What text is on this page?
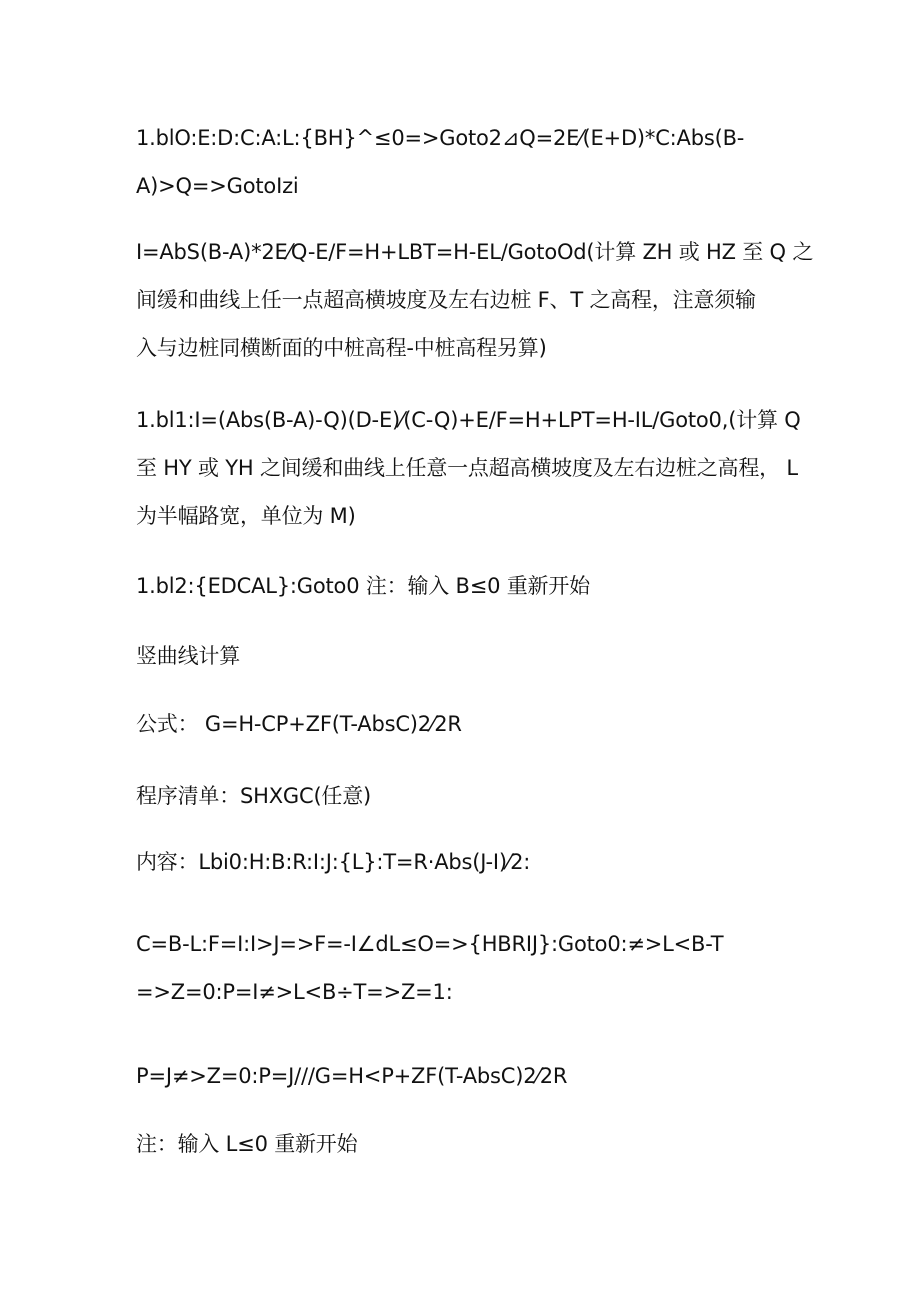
1.blO:E:D:C:A:L:{BH}^≤0=>Goto2⊿Q=2E⁄(E+D)*C:Abs(B-
A)>Q=>GotoIzi

I=AbS(B-A)*2E⁄Q-E/F=H+LBT=H-EL/GotoOd(计算 ZH 或 HZ 至 Q 之
间缓和曲线上任一点超高横坡度及左右边桩 F、T 之高程，注意须输
入与边桩同横断面的中桩高程-中桩高程另算)

1.bl1:I=(Abs(B-A)-Q)(D-E)⁄(C-Q)+E/F=H+LPT=H-IL/Goto0,(计算 Q
至 HY 或 YH 之间缓和曲线上任意一点超高横坡度及左右边桩之高程， L
为半幅路宽，单位为 M)

1.bl2:{EDCAL}:Goto0 注：输入 B≤0 重新开始

竖曲线计算

公式： G=H-CP+ZF(T-AbsC)2⁄2R

程序清单：SHXGC(任意)

内容：Lbi0:H:B:R:I:J:{L}:T=R·Abs(J-I)⁄2:

C=B-L:F=I:I>J=>F=-I∠dL≤O=>{HBRIJ}:Goto0:≠>L<B-T
=>Z=0:P=I≠>L<B÷T=>Z=1:

P=J≠>Z=0:P=J///G=H<P+ZF(T-AbsC)2⁄2R

注：输入 L≤0 重新开始
